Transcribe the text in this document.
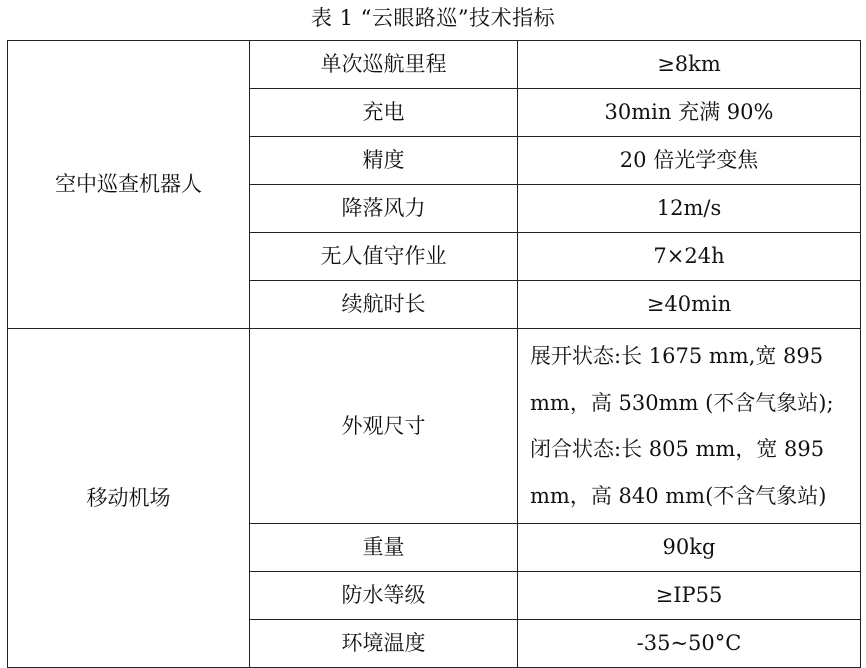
表 1 “云眼路巡”技术指标
空中巡查机器人	单次巡航里程	≥8km
	充电	30min 充满 90%
	精度	20 倍光学变焦
	降落风力	12m/s
	无人值守作业	7×24h
	续航时长	≥40min
移动机场	外观尺寸	展开状态:长 1675 mm,宽 895
mm，高 530mm (不含气象站);
闭合状态:长 805 mm，宽 895
mm，高 840 mm(不含气象站)

	重量	90kg
	防水等级	≥IP55
	环境温度	-35~50°C
